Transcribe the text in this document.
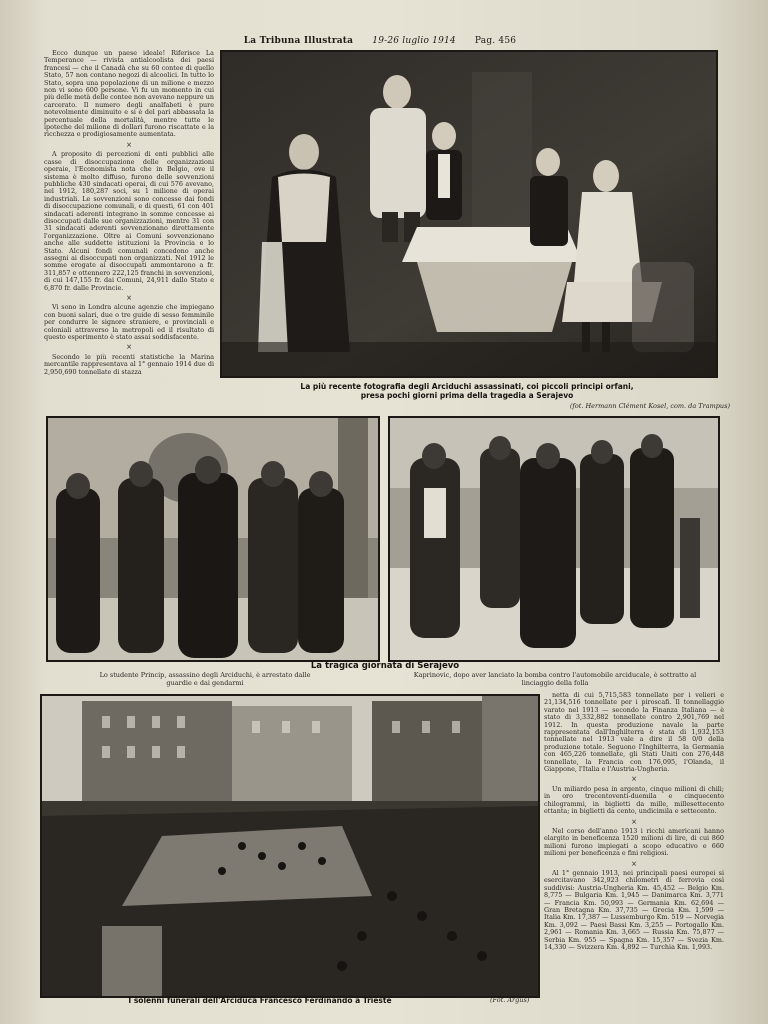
La Tribuna Illustrata 19-26 luglio 1914 Pag. 456

Ecco dunque un paese ideale! Riferisce La Temperance — rivista antialcoolista dei paesi francesi — che il Canadà che su 60 contee di quello Stato, 57 non contano negozi di alcoolici. In tutto lo Stato, sopra una popolazione di un milione e mezzo non vi sono 600 persone. Vi fu un momento in cui più delle metà delle contee non avevano neppure un carcerato. Il numero degli analfabeti è pure notevolmente diminuito e si è del pari abbassata la percentuale della mortalità, mentre tutte le ipoteche del milione di dollari furono riscattate e la ricchezza e prodigiosamente aumentata.

×

A proposito di percezioni di enti pubblici alle casse di disoccupazione delle organizzazioni operaie, l'Economista nota che in Belgio, ove il sistema è molto diffuso, furono delle sovvenzioni pubbliche 430 sindacati operai, di cui 576 avevano, nel 1912, 180,287 soci, su 1 milione di operai industriali. Le sovvenzioni sono concesse dai fondi di disoccupazione comunali, e di questi, 61 con 401 sindacati aderenti integrano in somme concesse ai disoccupati dalle sue organizzazioni, mentre 31 con 31 sindacati aderenti sovvenzionano direttamente l'organizzazione. Oltre ai Comuni sovvenzionano anche alle suddette istituzioni la Provincia e lo Stato. Alcuni fondi comunali concedono anche assegni ai disoccupati non organizzati. Nel 1912 le somme erogate ai disoccupati ammontarono a fr. 311,857 e ottennero 222,125 franchi in sovvenzioni, di cui 147,155 fr. dai Comuni, 24,911 dallo Stato e 6,870 fr. dalle Provincie.

×

Vi sono in Londra alcune agenzie che impiegano con buoni salari, due o tre guide di sesso femminile per condurre le signore straniere, e provinciali e coloniali attraverso la metropoli ed il risultato di questo esperimento è stato assai soddisfacente.

×

Secondo le più recenti statistiche la Marina mercantile rappresentava al 1° gennaio 1914 due di 2,950,690 tonnellate di stazza

La più recente fotografia degli Arciduchi assassinati, coi piccoli principi orfani,
presa pochi giorni prima della tragedia a Serajevo
(fot. Hermann Clément Kosel, com. da Trampus)
La tragica giornata di Serajevo
Lo studente Princip, assassino degli Arciduchi, è arrestato dalle guardie e dai gendarmi
Kaprinovic, dopo aver lanciato la bomba contro l'automobile arciducale, è sottratto al linciaggio della folla
I solenni funerali dell'Arciduca Francesco Ferdinando a Trieste	(Fot. Argus)

netta di cui 5,715,583 tonnellate per i velieri e 21,134,516 tonnellate per i piroscafi. Il tonnellaggio varato nel 1913 — secondo la Finanza Italiana — è stato di 3,332,882 tonnellate contro 2,901,769 nel 1912. In questa produzione navale la parte rappresentata dall'Inghilterra è stata di 1,932,153 tonnellate nel 1913 vale a dire il 58 0/0 della produzione totale. Seguono l'Inghilterra, la Germania con 465,226 tonnellate, gli Stati Uniti con 276,448 tonnellate, la Francia con 176,095, l'Olanda, il Giappone, l'Italia e l'Austria-Ungheria.

×

Un miliardo pesa in argento, cinque milioni di chili; in oro trecentoventi-duemila e cinquecento chilogrammi, in biglietti da mille, millesettecento ettanta; in biglietti da cento, undicimila e settecento.

×

Nel corso dell'anno 1913 i ricchi americani hanno elargito in beneficenza 1520 milioni di lire, di cui 860 milioni furono impiegati a scopo educativo e 660 milioni per beneficenza e fini religiosi.

×

Al 1° gennaio 1913, nei principali paesi europei si esercitavano 342,923 chilometri di ferrovia così suddivisi: Austria-Ungheria Km. 45,452 — Belgio Km. 8,775 — Bulgaria Km. 1,945 — Danimarca Km. 3,771 — Francia Km. 50,993 — Germania Km. 62,694 — Gran Bretagna Km. 37,735 — Grecia Km. 1,599 — Italia Km. 17,387 — Lussemburgo Km. 519 — Norvegia Km. 3,092 — Paesi Bassi Km. 3,255 — Portogallo Km. 2,961 — Romania Km. 3,665 — Russia Km. 75,877 — Serbia Km. 955 — Spagna Km. 15,357 — Svezia Km. 14,330 — Svizzera Km. 4,892 — Turchia Km. 1,993.
